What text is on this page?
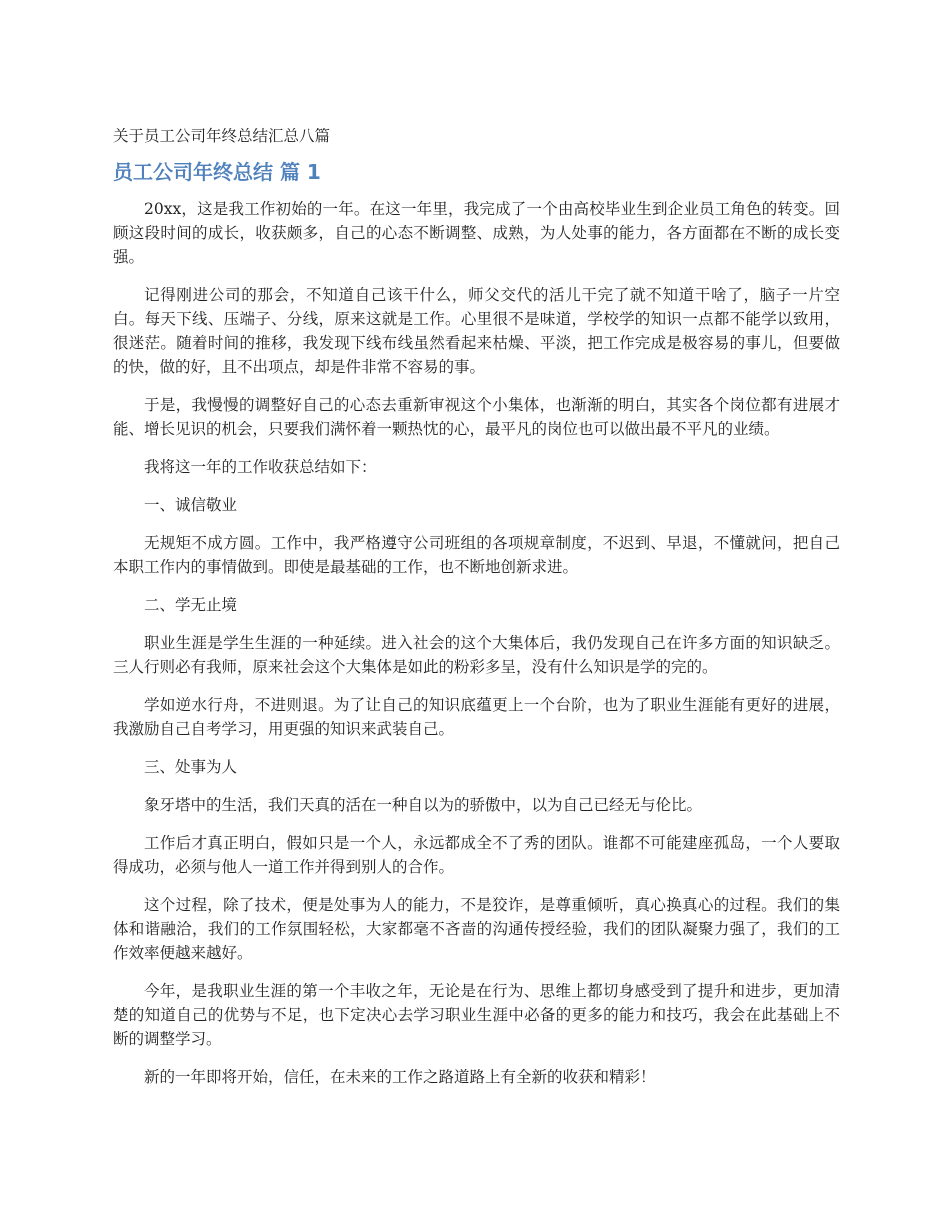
关于员工公司年终总结汇总八篇
员工公司年终总结 篇 1

20xx，这是我工作初始的一年。在这一年里，我完成了一个由高校毕业生到企业员工角色的转变。回顾这段时间的成长，收获颇多，自己的心态不断调整、成熟，为人处事的能力，各方面都在不断的成长变强。

记得刚进公司的那会，不知道自己该干什么，师父交代的活儿干完了就不知道干啥了，脑子一片空白。每天下线、压端子、分线，原来这就是工作。心里很不是味道，学校学的知识一点都不能学以致用，很迷茫。随着时间的推移，我发现下线布线虽然看起来枯燥、平淡，把工作完成是极容易的事儿，但要做的快，做的好，且不出项点，却是件非常不容易的事。

于是，我慢慢的调整好自己的心态去重新审视这个小集体，也渐渐的明白，其实各个岗位都有进展才能、增长见识的机会，只要我们满怀着一颗热忱的心，最平凡的岗位也可以做出最不平凡的业绩。

我将这一年的工作收获总结如下：

一、诚信敬业

无规矩不成方圆。工作中，我严格遵守公司班组的各项规章制度，不迟到、早退，不懂就问，把自己本职工作内的事情做到。即使是最基础的工作，也不断地创新求进。

二、学无止境

职业生涯是学生生涯的一种延续。进入社会的这个大集体后，我仍发现自己在许多方面的知识缺乏。三人行则必有我师，原来社会这个大集体是如此的粉彩多呈，没有什么知识是学的完的。

学如逆水行舟，不进则退。为了让自己的知识底蕴更上一个台阶，也为了职业生涯能有更好的进展，我激励自己自考学习，用更强的知识来武装自己。

三、处事为人

象牙塔中的生活，我们天真的活在一种自以为的骄傲中，以为自己已经无与伦比。

工作后才真正明白，假如只是一个人，永远都成全不了秀的团队。谁都不可能建座孤岛，一个人要取得成功，必须与他人一道工作并得到别人的合作。

这个过程，除了技术，便是处事为人的能力，不是狡诈，是尊重倾听，真心换真心的过程。我们的集体和谐融洽，我们的工作氛围轻松，大家都毫不吝啬的沟通传授经验，我们的团队凝聚力强了，我们的工作效率便越来越好。

今年，是我职业生涯的第一个丰收之年，无论是在行为、思维上都切身感受到了提升和进步，更加清楚的知道自己的优势与不足，也下定决心去学习职业生涯中必备的更多的能力和技巧，我会在此基础上不断的调整学习。

新的一年即将开始，信任，在未来的工作之路道路上有全新的收获和精彩！
